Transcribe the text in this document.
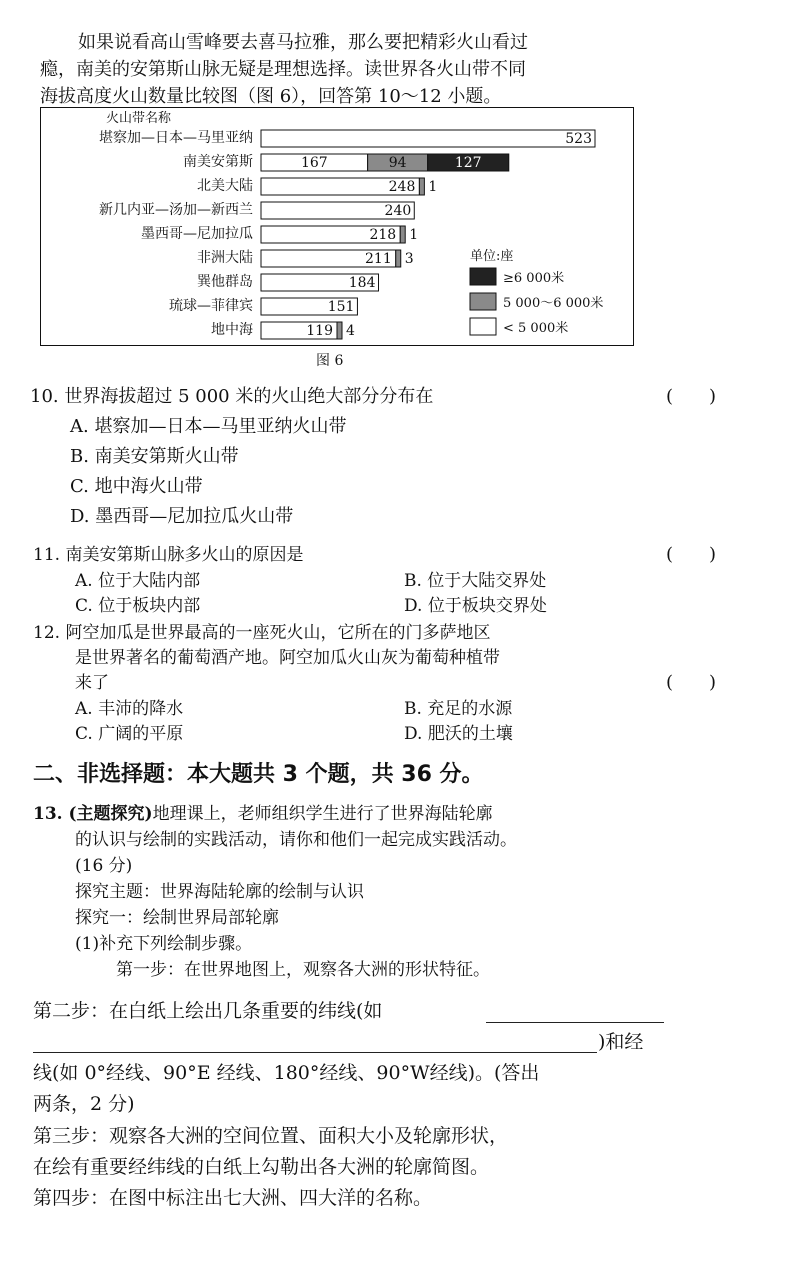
如果说看高山雪峰要去喜马拉雅，那么要把精彩火山看过
瘾，南美的安第斯山脉无疑是理想选择。读世界各火山带不同
海拔高度火山数量比较图（图 6），回答第 10～12 小题。
火山带名称
堪察加—日本—马里亚纳	523
南美安第斯	167	94	127
北美大陆	248 1
新几内亚—汤加—新西兰	240
墨西哥—尼加拉瓜	218 1
非洲大陆	211 3
巽他群岛	184
琉球—菲律宾	151
地中海	119 4
单位:座
≥6 000米
5 000～6 000米
< 5 000米
图 6
10. 世界海拔超过 5 000 米的火山绝大部分分布在	(　　)
A. 堪察加—日本—马里亚纳火山带
B. 南美安第斯火山带
C. 地中海火山带
D. 墨西哥—尼加拉瓜火山带
11. 南美安第斯山脉多火山的原因是	(　　)
A. 位于大陆内部	B. 位于大陆交界处
C. 位于板块内部	D. 位于板块交界处
12. 阿空加瓜是世界最高的一座死火山，它所在的门多萨地区
是世界著名的葡萄酒产地。阿空加瓜火山灰为葡萄种植带
来了	(　　)
A. 丰沛的降水	B. 充足的水源
C. 广阔的平原	D. 肥沃的土壤
二、非选择题：本大题共 3 个题，共 36 分。
13. (主题探究)地理课上，老师组织学生进行了世界海陆轮廓
的认识与绘制的实践活动，请你和他们一起完成实践活动。
(16 分)
探究主题：世界海陆轮廓的绘制与认识
探究一：绘制世界局部轮廓
(1)补充下列绘制步骤。
第一步：在世界地图上，观察各大洲的形状特征。
第二步：在白纸上绘出几条重要的纬线(如
)和经
线(如 0°经线、90°E 经线、180°经线、90°W经线)。(答出
两条，2 分)
第三步：观察各大洲的空间位置、面积大小及轮廓形状，
在绘有重要经纬线的白纸上勾勒出各大洲的轮廓简图。
第四步：在图中标注出七大洲、四大洋的名称。
